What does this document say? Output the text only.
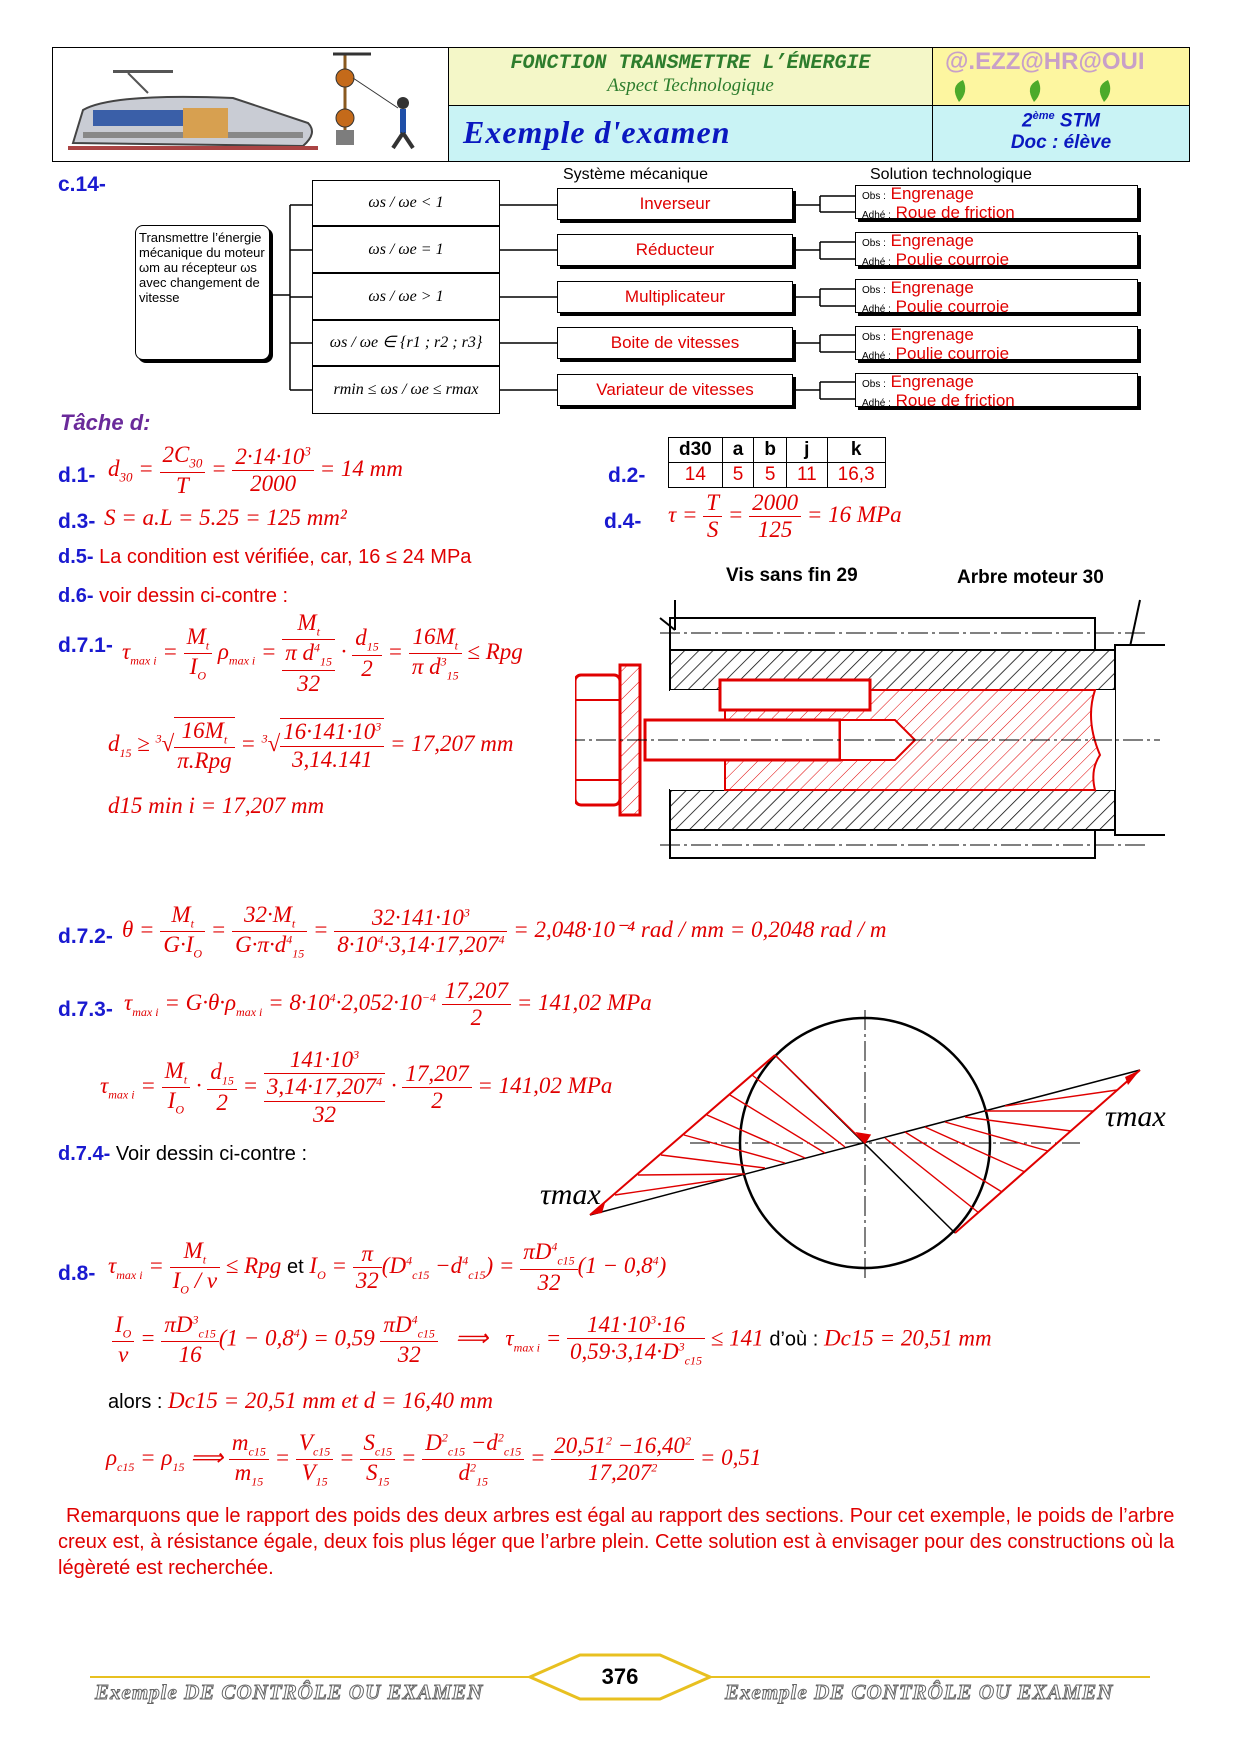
FONCTION TRANSMETTRE L’ÉNERGIE
Aspect Technologique
Exemple d'examen
@.EZZ@HR@OUI
2ème STM
Doc : élève
c.14-
Transmettre l’énergie mécanique du moteur ωm au récepteur ωs avec changement de vitesse
Système mécanique	Solution technologique
ωs / ωe < 1
ωs / ωe = 1
ωs / ωe > 1
ωs / ωe ∈ {r1 ; r2 ; r3}
rmin ≤ ωs / ωe ≤ rmax
Inverseur
Réducteur
Multiplicateur
Boite de vitesses
Variateur de vitesses
Obs : Engrenage
Adhé : Roue de friction
Obs : Engrenage
Adhé : Poulie courroie
Obs : Engrenage
Adhé : Poulie courroie
Obs : Engrenage
Adhé : Poulie courroie
Obs : Engrenage
Adhé : Roue de friction
Tâche d:
d.1- $d_{30} = \frac{2C_{30}}{T} = \frac{2\cdot 14\cdot 10^3}{2000} = 14$ mm	d.2-
d30	a	b	j	k
14	5	5	11	16,3
d.3- S = a.L = 5.25 = 125 mm²	d.4- $\tau = \frac{T}{S} = \frac{2000}{125} = 16$ MPa
d.5- La condition est vérifiée, car, 16 ≤ 24 MPa
d.6- voir dessin ci-contre :
d.7.1- $\tau_{max i} = \frac{M_t}{I_O} \rho_{max i}$ =
$M_t$
π $d^4_{15}$
32
· $\frac{d_{15}}{2} = \frac{16M_t}{\pi d^3_{15}}$ ≤ Rpg
$d_{15} \ge ^3√ \frac{16M_t}{\text{π.Rpg}} = ^3√ \frac{16\cdot 141\cdot 10^3}{3,14.141} = 17,207$ mm
d15 min i = 17,207 mm
Vis sans fin 29	Arbre moteur 30
d.7.2- $\theta = \frac{M_t}{G\cdot I_O} = \frac{32\cdot M_t}{G\cdot\pi\cdot d^4_{15}} = \frac{32\cdot 141\cdot 10^3}{8\cdot 10^4\cdot 3,14\cdot 17,207^4} = 2,048\cdot 10^{-4}$ rad / mm = 0,2048 rad / m
d.7.3- $\tau_{max i} = G\cdot\theta\cdot\rho_{max i} = 8\cdot 10^4\cdot 2,052\cdot 10^{-4} \frac{17,207}{2} = 141,02$ MPa
$\tau_{max i} = \frac{M_t}{I_O} \cdot \frac{d_{15}}{2}$ =
$141\cdot 10^3$
$3,14\cdot 17,207^4$
32
· $\frac{17,207}{2} = 141,02$ MPa
d.7.4- Voir dessin ci-contre :
τmax
τmax
d.8- $\tau_{max i} = \frac{M_t}{I_O / \nu}$ ≤ Rpg et $I_O = \frac{\pi}{32} (D^4_{c15} -d^4_{c15}) = \frac{\pi D^4_{c15}}{32} (1 - 0,8^4)$
$\frac{I_O}{\nu} = \frac{\pi D^3_{c15}}{16} (1 - 0,8^4) = 0,59 \frac{\pi D^4_{c15}}{32}$ ⟹   $\tau_{max i} = \frac{141\cdot 10^3\cdot 16}{0,59\cdot 3,14\cdot D^3_{c15}} \le 141$ d’où : Dc15 = 20,51 mm
alors : Dc15 = 20,51 mm et d = 16,40 mm
$\rho_{c15} = \rho_{15}$ ⟹ $\frac{m_{c15}}{m_{15}} = \frac{V_{c15}}{V_{15}} = \frac{S_{c15}}{S_{15}} = \frac{D^2_{c15} -d^2_{c15}}{d^2_{15}} = \frac{20,51^2 -16,40^2}{17,207^2} = 0,51$
Remarquons que le rapport des poids des deux arbres est égal au rapport des sections. Pour cet exemple, le poids de l’arbre creux est, à résistance égale, deux fois plus léger que l’arbre plein. Cette solution est à envisager pour des constructions où la légèreté est recherchée.
376
Exemple DE CONTRÔLE OU EXAMEN	Exemple DE CONTRÔLE OU EXAMEN
